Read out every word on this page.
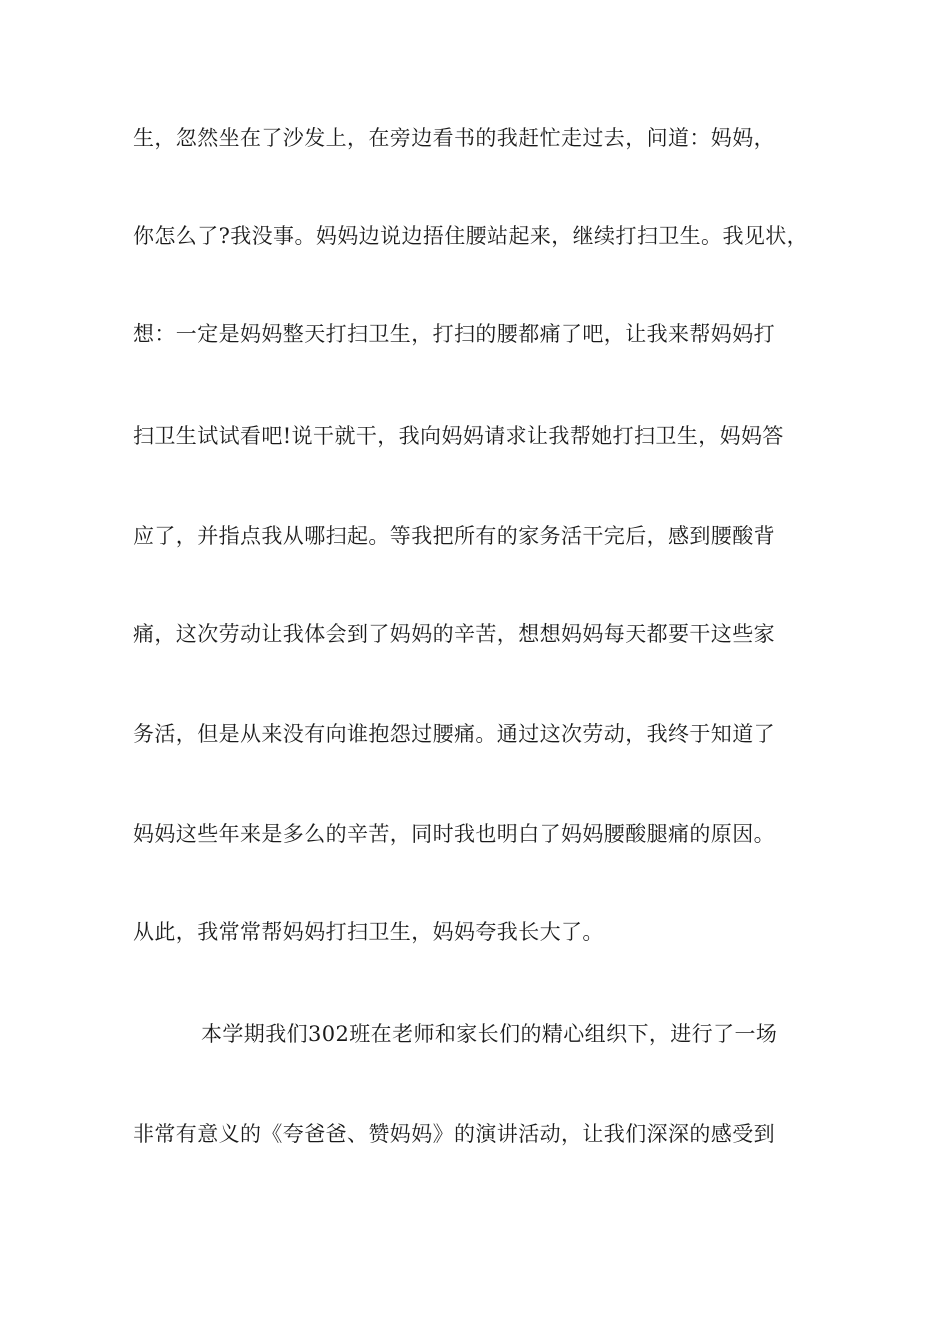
生，忽然坐在了沙发上，在旁边看书的我赶忙走过去，问道：妈妈，
你怎么了?我没事。妈妈边说边捂住腰站起来，继续打扫卫生。我见状，
想：一定是妈妈整天打扫卫生，打扫的腰都痛了吧，让我来帮妈妈打
扫卫生试试看吧!说干就干，我向妈妈请求让我帮她打扫卫生，妈妈答
应了，并指点我从哪扫起。等我把所有的家务活干完后，感到腰酸背
痛，这次劳动让我体会到了妈妈的辛苦，想想妈妈每天都要干这些家
务活，但是从来没有向谁抱怨过腰痛。通过这次劳动，我终于知道了
妈妈这些年来是多么的辛苦，同时我也明白了妈妈腰酸腿痛的原因。
从此，我常常帮妈妈打扫卫生，妈妈夸我长大了。
本学期我们302班在老师和家长们的精心组织下，进行了一场
非常有意义的《夸爸爸、赞妈妈》的演讲活动，让我们深深的感受到
